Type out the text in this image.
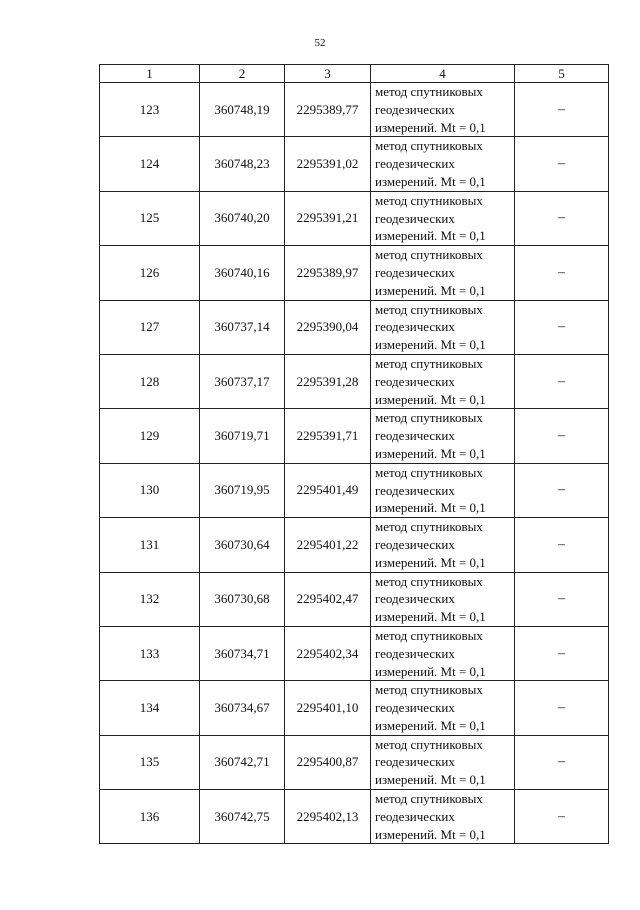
52
1	2	3	4	5
123	360748,19	2295389,77	метод спутниковых
геодезических
измерений. Mt = 0,1	–
124	360748,23	2295391,02	метод спутниковых
геодезических
измерений. Mt = 0,1	–
125	360740,20	2295391,21	метод спутниковых
геодезических
измерений. Mt = 0,1	–
126	360740,16	2295389,97	метод спутниковых
геодезических
измерений. Mt = 0,1	–
127	360737,14	2295390,04	метод спутниковых
геодезических
измерений. Mt = 0,1	–
128	360737,17	2295391,28	метод спутниковых
геодезических
измерений. Mt = 0,1	–
129	360719,71	2295391,71	метод спутниковых
геодезических
измерений. Mt = 0,1	–
130	360719,95	2295401,49	метод спутниковых
геодезических
измерений. Mt = 0,1	–
131	360730,64	2295401,22	метод спутниковых
геодезических
измерений. Mt = 0,1	–
132	360730,68	2295402,47	метод спутниковых
геодезических
измерений. Mt = 0,1	–
133	360734,71	2295402,34	метод спутниковых
геодезических
измерений. Mt = 0,1	–
134	360734,67	2295401,10	метод спутниковых
геодезических
измерений. Mt = 0,1	–
135	360742,71	2295400,87	метод спутниковых
геодезических
измерений. Mt = 0,1	–
136	360742,75	2295402,13	метод спутниковых
геодезических
измерений. Mt = 0,1	–
